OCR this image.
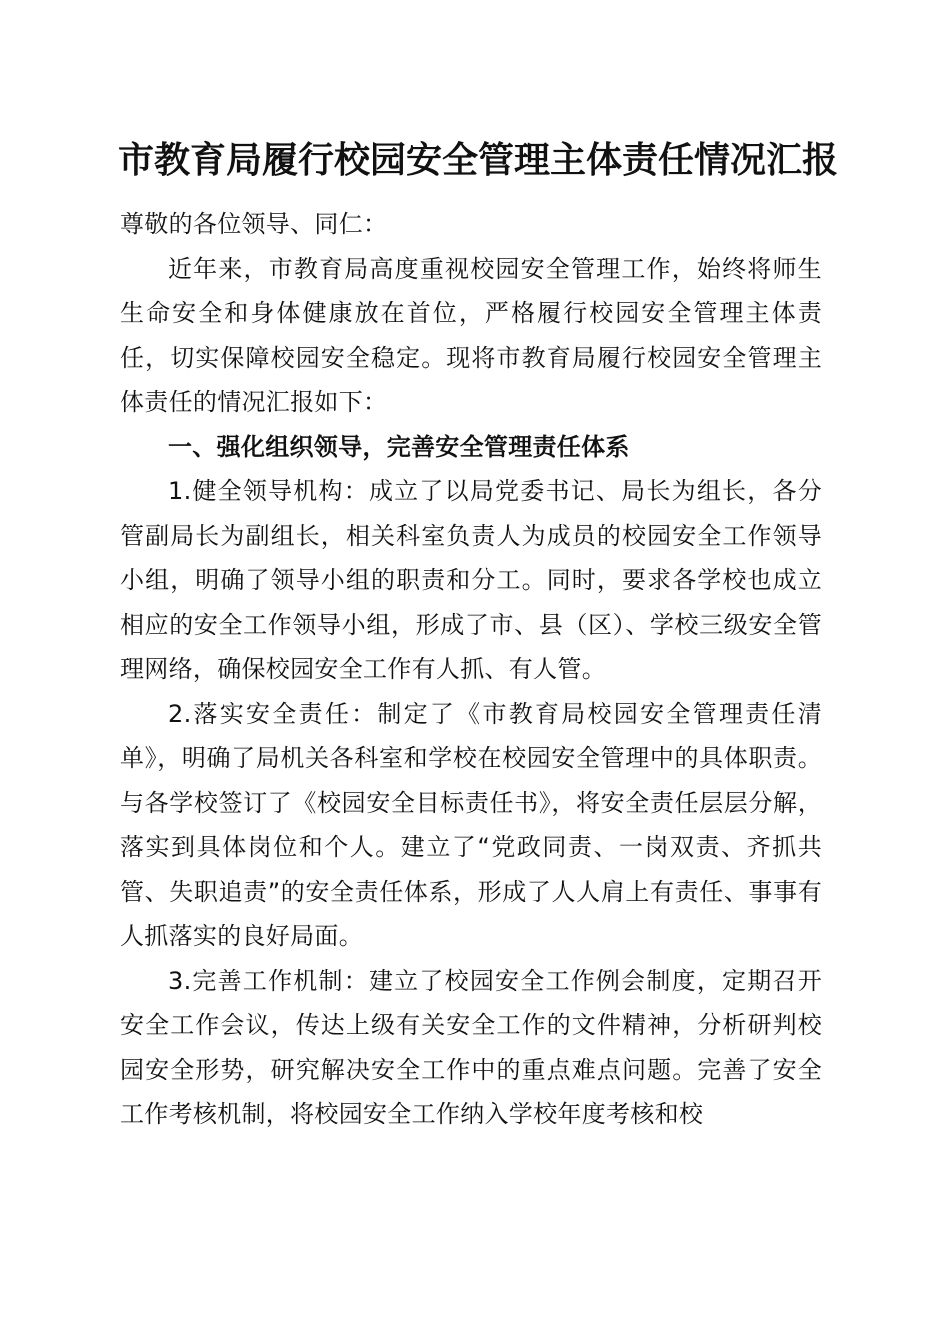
市教育局履行校园安全管理主体责任情况汇报

尊敬的各位领导、同仁：

近年来，市教育局高度重视校园安全管理工作，始终将师生生命安全和身体健康放在首位，严格履行校园安全管理主体责任，切实保障校园安全稳定。现将市教育局履行校园安全管理主体责任的情况汇报如下：

一、强化组织领导，完善安全管理责任体系

1.健全领导机构：成立了以局党委书记、局长为组长，各分管副局长为副组长，相关科室负责人为成员的校园安全工作领导小组，明确了领导小组的职责和分工。同时，要求各学校也成立相应的安全工作领导小组，形成了市、县（区）、学校三级安全管理网络，确保校园安全工作有人抓、有人管。

2.落实安全责任：制定了《市教育局校园安全管理责任清单》，明确了局机关各科室和学校在校园安全管理中的具体职责。与各学校签订了《校园安全目标责任书》，将安全责任层层分解，落实到具体岗位和个人。建立了“党政同责、一岗双责、齐抓共管、失职追责”的安全责任体系，形成了人人肩上有责任、事事有人抓落实的良好局面。

3.完善工作机制：建立了校园安全工作例会制度，定期召开安全工作会议，传达上级有关安全工作的文件精神，分析研判校园安全形势，研究解决安全工作中的重点难点问题。完善了安全工作考核机制，将校园安全工作纳入学校年度考核和校
